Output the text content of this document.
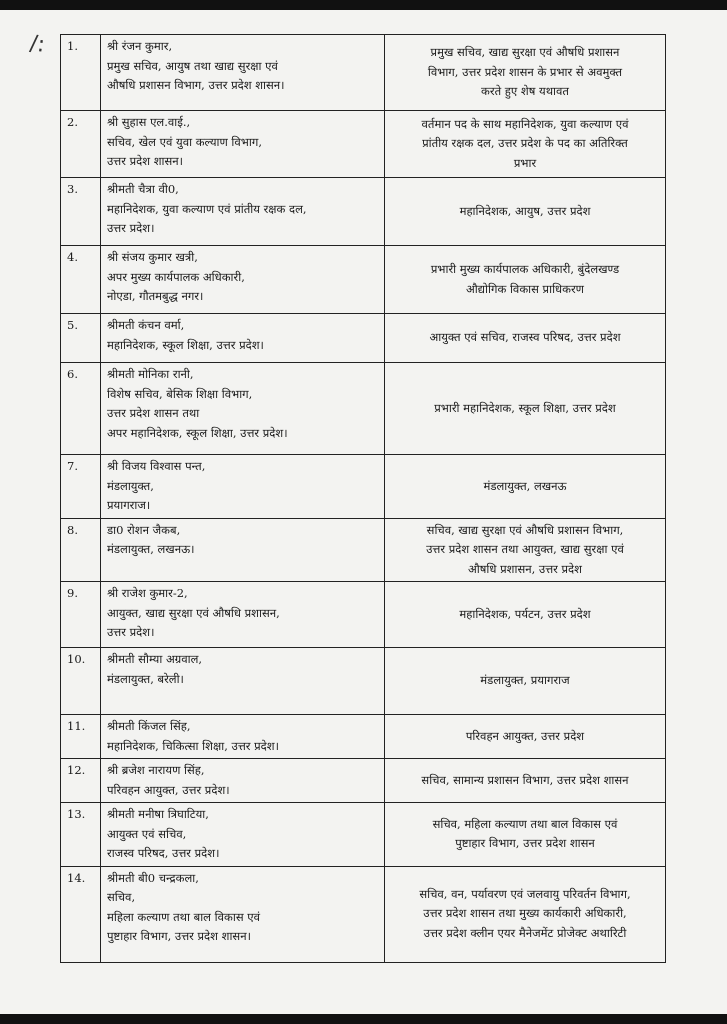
/: 1.	श्री रंजन कुमार,
प्रमुख सचिव, आयुष तथा खाद्य सुरक्षा एवं
औषधि प्रशासन विभाग, उत्तर प्रदेश शासन।	प्रमुख सचिव, खाद्य सुरक्षा एवं औषधि प्रशासन
विभाग, उत्तर प्रदेश शासन के प्रभार से अवमुक्त
करते हुए शेष यथावत

2.	श्री सुहास एल.वाई.,
सचिव, खेल एवं युवा कल्याण विभाग,
उत्तर प्रदेश शासन।	वर्तमान पद के साथ महानिदेशक, युवा कल्याण एवं
प्रांतीय रक्षक दल, उत्तर प्रदेश के पद का अतिरिक्त
प्रभार

3.	श्रीमती चैत्रा वी0,
महानिदेशक, युवा कल्याण एवं प्रांतीय रक्षक दल,
उत्तर प्रदेश।	महानिदेशक, आयुष, उत्तर प्रदेश

4.	श्री संजय कुमार खत्री,
अपर मुख्य कार्यपालक अधिकारी,
नोएडा, गौतमबुद्ध नगर।	प्रभारी मुख्य कार्यपालक अधिकारी, बुंदेलखण्ड
औद्योगिक विकास प्राधिकरण

5.	श्रीमती कंचन वर्मा,
महानिदेशक, स्कूल शिक्षा, उत्तर प्रदेश।	आयुक्त एवं सचिव, राजस्व परिषद, उत्तर प्रदेश

6.	श्रीमती मोनिका रानी,
विशेष सचिव, बेसिक शिक्षा विभाग,
उत्तर प्रदेश शासन तथा
अपर महानिदेशक, स्कूल शिक्षा, उत्तर प्रदेश।	प्रभारी महानिदेशक, स्कूल शिक्षा, उत्तर प्रदेश

7.	श्री विजय विश्वास पन्त,
मंडलायुक्त,
प्रयागराज।	मंडलायुक्त, लखनऊ

8.	डा0 रोशन जैकब,
मंडलायुक्त, लखनऊ।	सचिव, खाद्य सुरक्षा एवं औषधि प्रशासन विभाग,
उत्तर प्रदेश शासन तथा आयुक्त, खाद्य सुरक्षा एवं
औषधि प्रशासन, उत्तर प्रदेश

9.	श्री राजेश कुमार-2,
आयुक्त, खाद्य सुरक्षा एवं औषधि प्रशासन,
उत्तर प्रदेश।	महानिदेशक, पर्यटन, उत्तर प्रदेश

10.	श्रीमती सौम्या अग्रवाल,
मंडलायुक्त, बरेली।	मंडलायुक्त, प्रयागराज

11.	श्रीमती किंजल सिंह,
महानिदेशक, चिकित्सा शिक्षा, उत्तर प्रदेश।	परिवहन आयुक्त, उत्तर प्रदेश

12.	श्री ब्रजेश नारायण सिंह,
परिवहन आयुक्त, उत्तर प्रदेश।	सचिव, सामान्य प्रशासन विभाग, उत्तर प्रदेश शासन

13.	श्रीमती मनीषा त्रिघाटिया,
आयुक्त एवं सचिव,
राजस्व परिषद, उत्तर प्रदेश।	सचिव, महिला कल्याण तथा बाल विकास एवं
पुष्टाहार विभाग, उत्तर प्रदेश शासन

14.	श्रीमती बी0 चन्द्रकला,
सचिव,
महिला कल्याण तथा बाल विकास एवं
पुष्टाहार विभाग, उत्तर प्रदेश शासन।	सचिव, वन, पर्यावरण एवं जलवायु परिवर्तन विभाग,
उत्तर प्रदेश शासन तथा मुख्य कार्यकारी अधिकारी,
उत्तर प्रदेश क्लीन एयर मैनेजमेंट प्रोजेक्ट अथारिटी
